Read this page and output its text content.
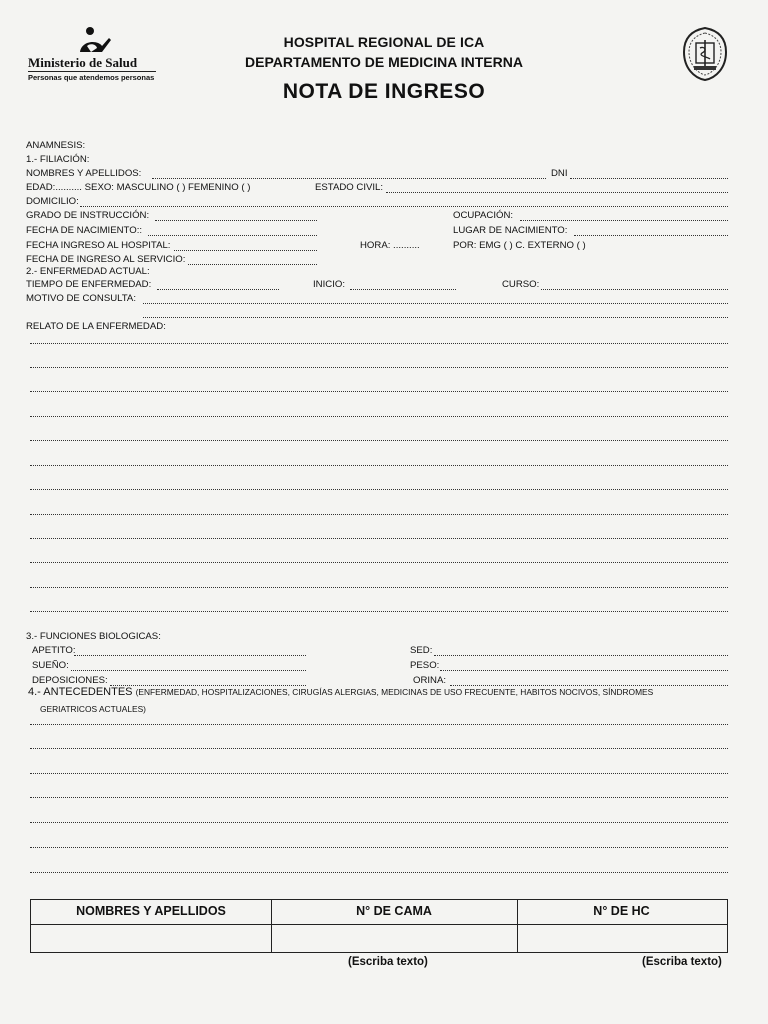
Ministerio de Salud
Personas que atendemos personas
HOSPITAL REGIONAL DE ICA
DEPARTAMENTO DE MEDICINA INTERNA
NOTA DE INGRESO
ANAMNESIS:
1.- FILIACIÓN:
NOMBRES Y APELLIDOS:	DNI
EDAD:.......... SEXO: MASCULINO ( ) FEMENINO ( )	ESTADO CIVIL:
DOMICILIO:
GRADO DE INSTRUCCIÓN:	OCUPACIÓN:
FECHA DE NACIMIENTO::	LUGAR DE NACIMIENTO:
FECHA INGRESO AL HOSPITAL:	HORA: ..........	POR: EMG ( ) C. EXTERNO ( )
FECHA DE INGRESO AL SERVICIO:
2.- ENFERMEDAD ACTUAL:
TIEMPO DE ENFERMEDAD:	INICIO:	CURSO:
MOTIVO DE CONSULTA:
RELATO DE LA ENFERMEDAD:
3.- FUNCIONES BIOLOGICAS:
APETITO:	SED:
SUEÑO:	PESO:
DEPOSICIONES:	ORINA:
4.- ANTECEDENTES (ENFERMEDAD, HOSPITALIZACIONES, CIRUGÍAS ALERGIAS, MEDICINAS DE USO FRECUENTE, HABITOS NOCIVOS, SÍNDROMES
GERIATRICOS ACTUALES)
NOMBRES Y APELLIDOS	N° DE CAMA	N° DE HC
(Escriba texto)	(Escriba texto)
